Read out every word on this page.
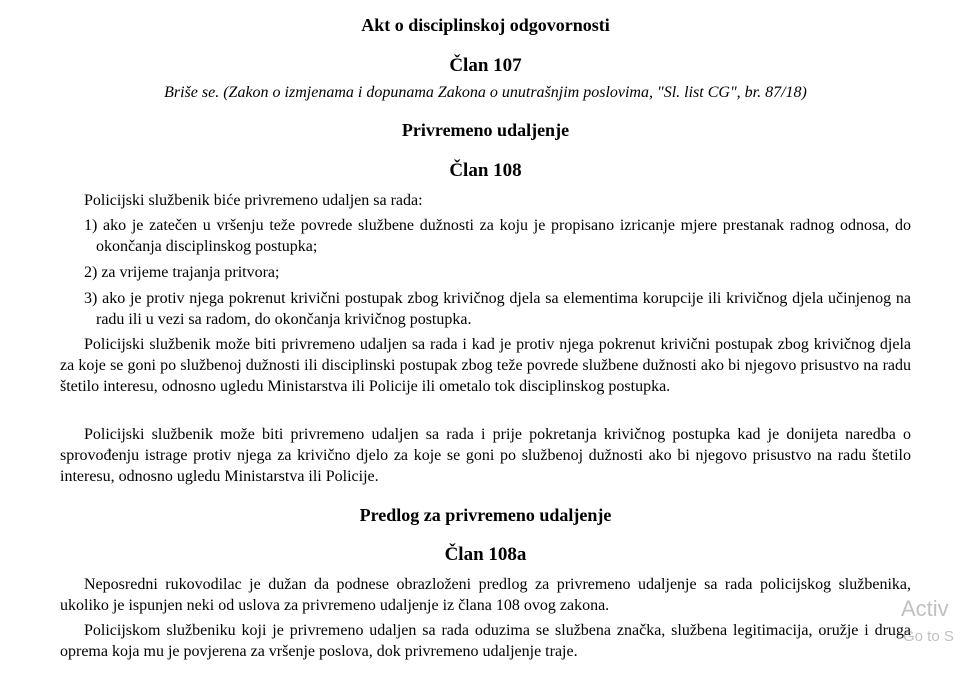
Akt o disciplinskoj odgovornosti

Član 107

Briše se. (Zakon o izmjenama i dopunama Zakona o unutrašnjim poslovima, "Sl. list CG", br. 87/18)

Privremeno udaljenje

Član 108

Policijski službenik biće privremeno udaljen sa rada:

1) ako je zatečen u vršenju teže povrede službene dužnosti za koju je propisano izricanje mjere prestanak radnog odnosa, do okončanja disciplinskog postupka;

2) za vrijeme trajanja pritvora;

3) ako je protiv njega pokrenut krivični postupak zbog krivičnog djela sa elementima korupcije ili krivičnog djela učinjenog na radu ili u vezi sa radom, do okončanja krivičnog postupka.

Policijski službenik može biti privremeno udaljen sa rada i kad je protiv njega pokrenut krivični postupak zbog krivičnog djela za koje se goni po službenoj dužnosti ili disciplinski postupak zbog teže povrede službene dužnosti ako bi njegovo prisustvo na radu štetilo interesu, odnosno ugledu Ministarstva ili Policije ili ometalo tok disciplinskog postupka.

Policijski službenik može biti privremeno udaljen sa rada i prije pokretanja krivičnog postupka kad je donijeta naredba o sprovođenju istrage protiv njega za krivično djelo za koje se goni po službenoj dužnosti ako bi njegovo prisustvo na radu štetilo interesu, odnosno ugledu Ministarstva ili Policije.

Predlog za privremeno udaljenje

Član 108a

Neposredni rukovodilac je dužan da podnese obrazloženi predlog za privremeno udaljenje sa rada policijskog službenika, ukoliko je ispunjen neki od uslova za privremeno udaljenje iz člana 108 ovog zakona.

Policijskom službeniku koji je privremeno udaljen sa rada oduzima se službena značka, službena legitimacija, oružje i druga oprema koja mu je povjerena za vršenje poslova, dok privremeno udaljenje traje.

Activ
Go to S
